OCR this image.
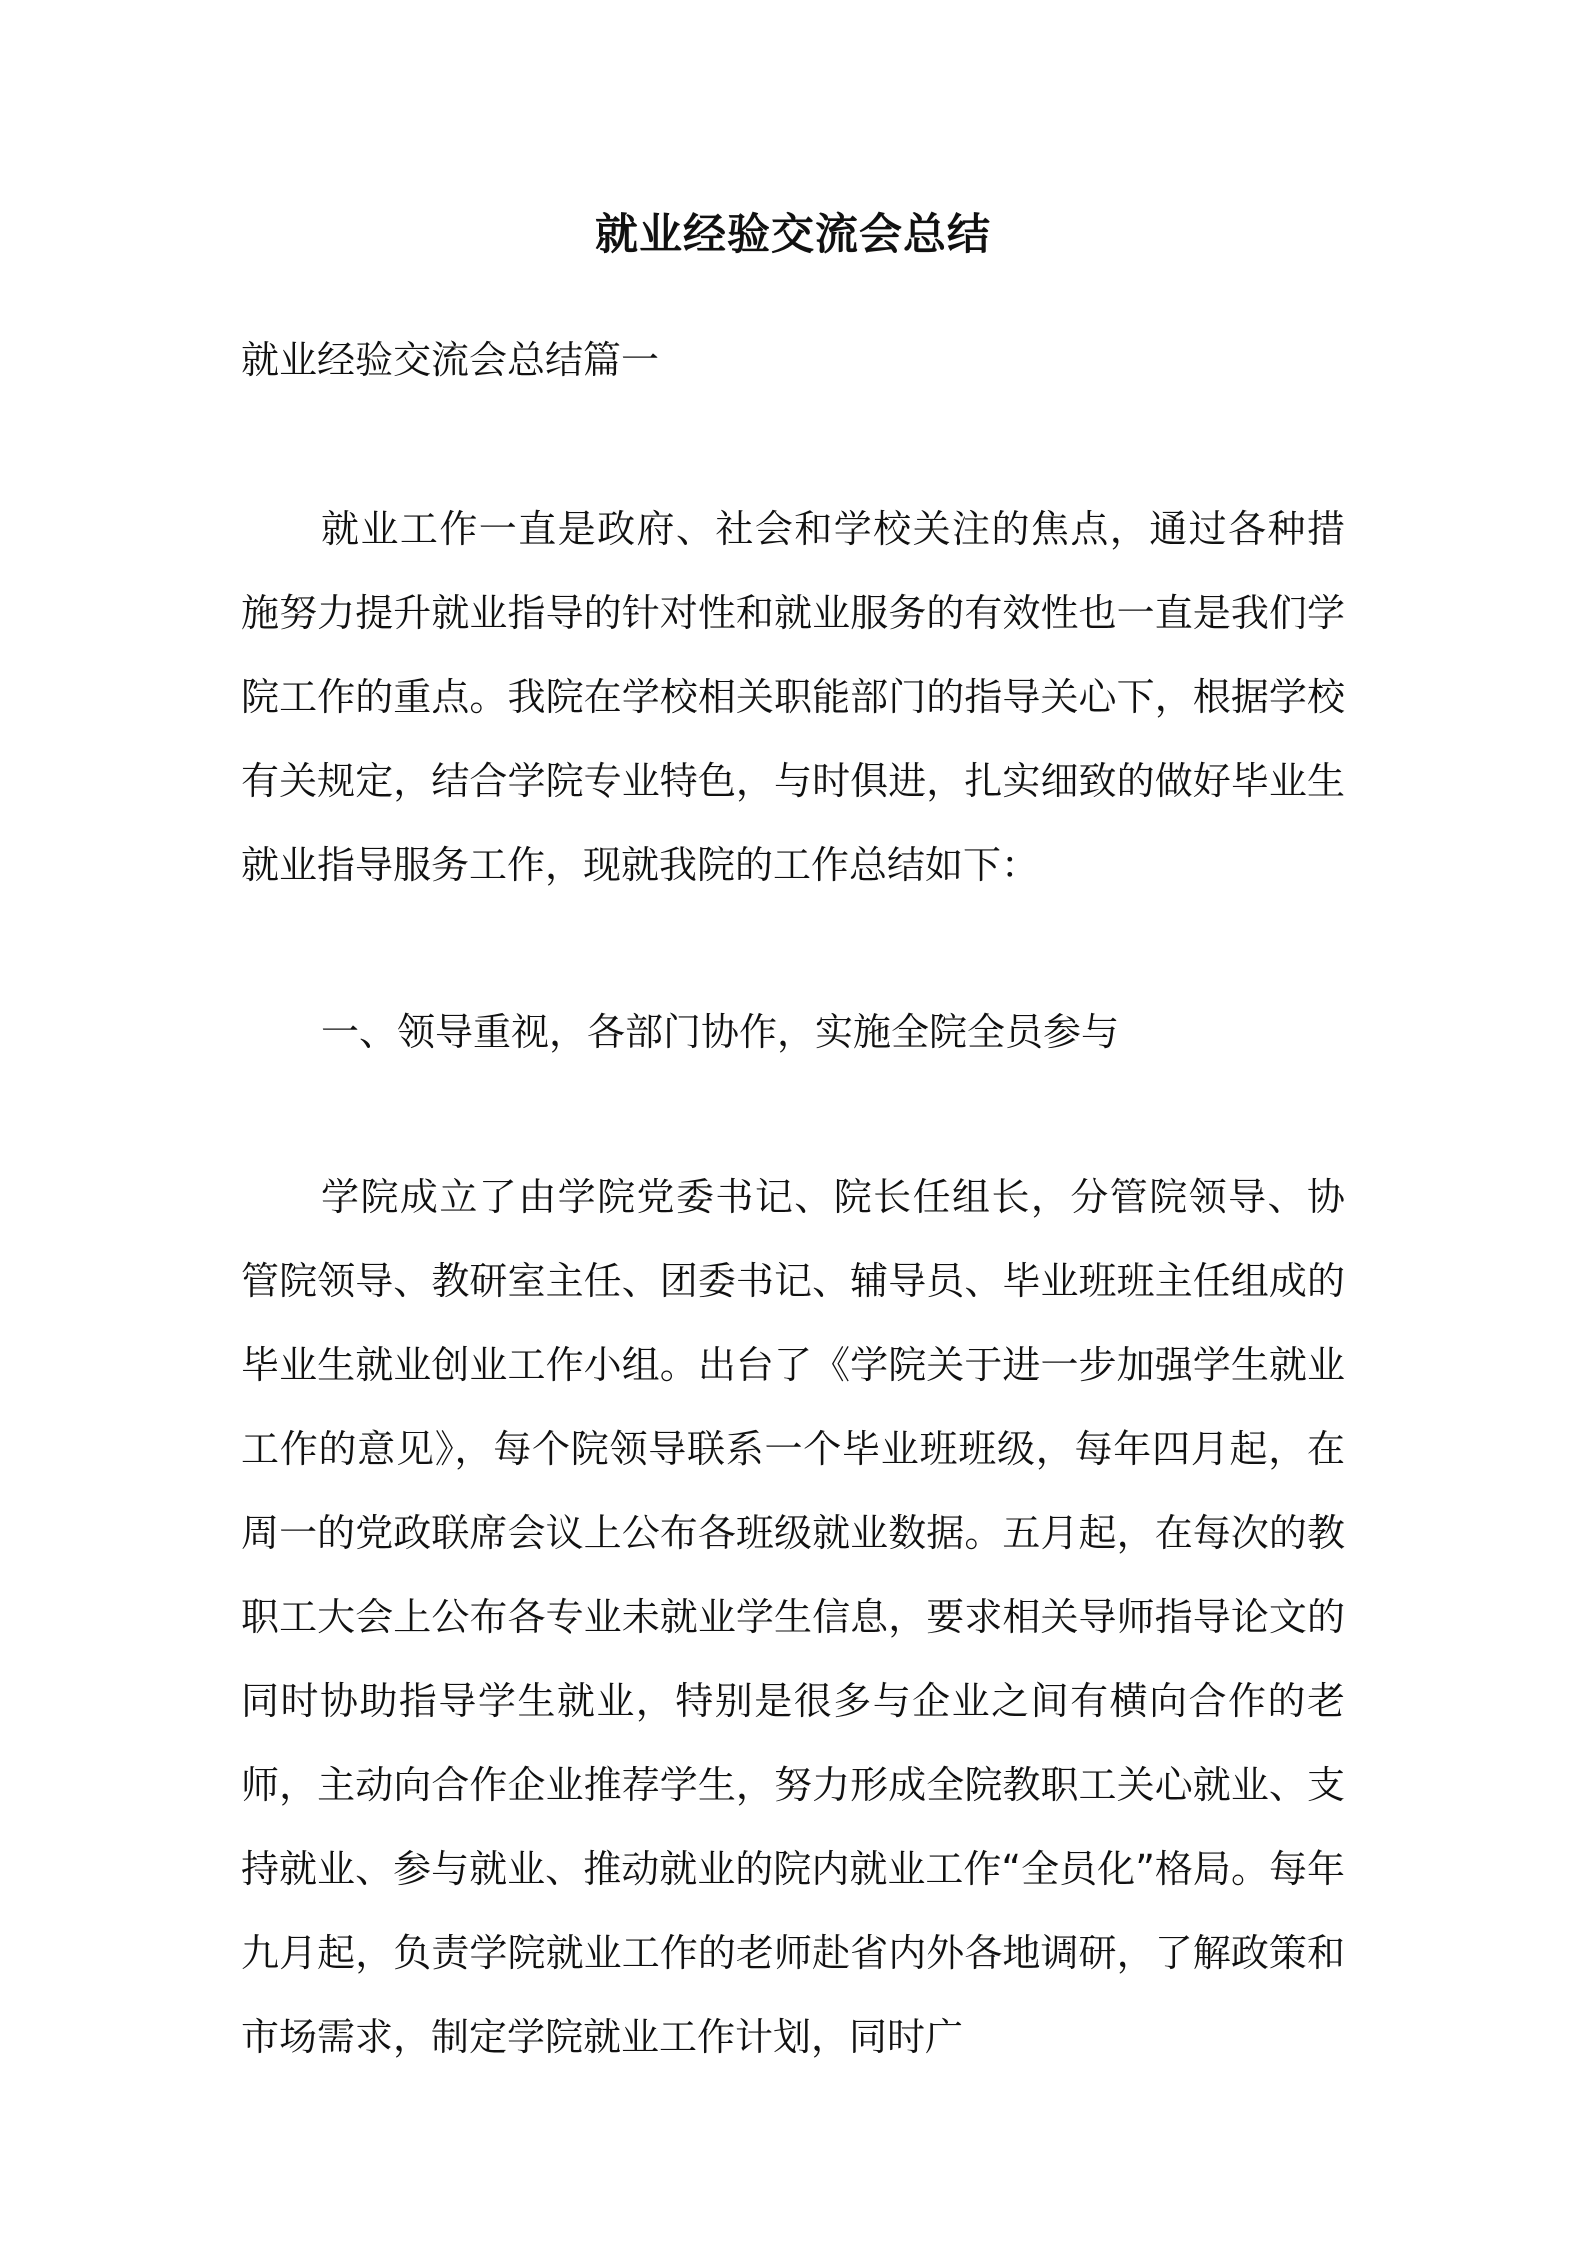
就业经验交流会总结

就业经验交流会总结篇一

就业工作一直是政府、社会和学校关注的焦点，通过各种措施努力提升就业指导的针对性和就业服务的有效性也一直是我们学院工作的重点。我院在学校相关职能部门的指导关心下，根据学校有关规定，结合学院专业特色，与时俱进，扎实细致的做好毕业生就业指导服务工作，现就我院的工作总结如下：

一、领导重视，各部门协作，实施全院全员参与

学院成立了由学院党委书记、院长任组长，分管院领导、协管院领导、教研室主任、团委书记、辅导员、毕业班班主任组成的毕业生就业创业工作小组。出台了《学院关于进一步加强学生就业工作的意见》，每个院领导联系一个毕业班班级，每年四月起，在周一的党政联席会议上公布各班级就业数据。五月起，在每次的教职工大会上公布各专业未就业学生信息，要求相关导师指导论文的同时协助指导学生就业，特别是很多与企业之间有横向合作的老师，主动向合作企业推荐学生，努力形成全院教职工关心就业、支持就业、参与就业、推动就业的院内就业工作“全员化”格局。每年九月起，负责学院就业工作的老师赴省内外各地调研，了解政策和市场需求，制定学院就业工作计划，同时广
